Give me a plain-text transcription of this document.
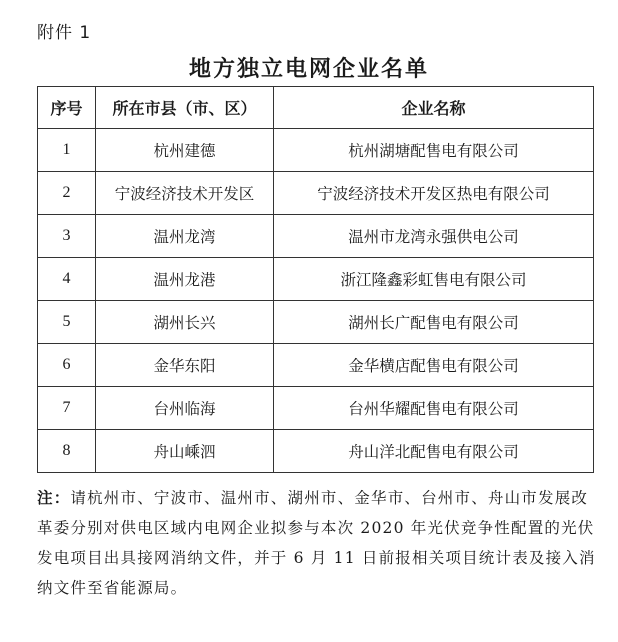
附件 1
地方独立电网企业名单
序号	所在市县（市、区）	企业名称
1	杭州建德	杭州湖塘配售电有限公司
2	宁波经济技术开发区	宁波经济技术开发区热电有限公司
3	温州龙湾	温州市龙湾永强供电公司
4	温州龙港	浙江隆鑫彩虹售电有限公司
5	湖州长兴	湖州长广配售电有限公司
6	金华东阳	金华横店配售电有限公司
7	台州临海	台州华耀配售电有限公司
8	舟山嵊泗	舟山洋北配售电有限公司
注：请杭州市、宁波市、温州市、湖州市、金华市、台州市、舟山市发展改革委分别对供电区域内电网企业拟参与本次 2020 年光伏竞争性配置的光伏发电项目出具接网消纳文件，并于 6 月 11 日前报相关项目统计表及接入消纳文件至省能源局。
